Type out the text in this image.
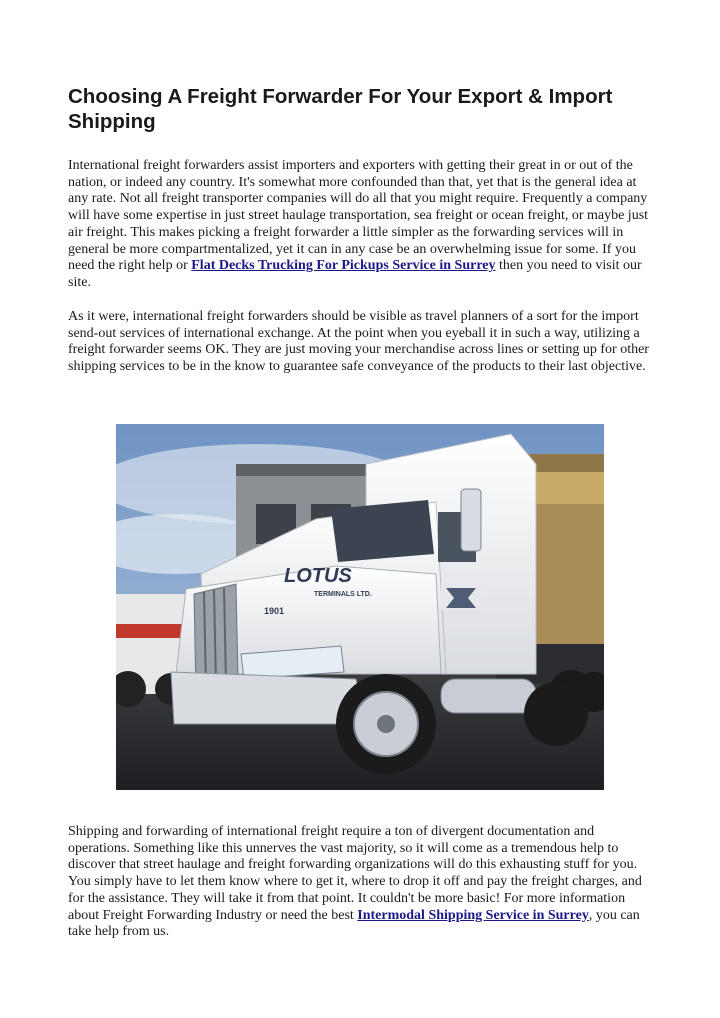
Choosing A Freight Forwarder For Your Export & Import Shipping

International freight forwarders assist importers and exporters with getting their great in or out of the nation, or indeed any country. It's somewhat more confounded than that, yet that is the general idea at any rate. Not all freight transporter companies will do all that you might require. Frequently a company will have some expertise in just street haulage transportation, sea freight or ocean freight, or maybe just air freight. This makes picking a freight forwarder a little simpler as the forwarding services will in general be more compartmentalized, yet it can in any case be an overwhelming issue for some. If you need the right help or Flat Decks Trucking For Pickups Service in Surrey then you need to visit our site.

As it were, international freight forwarders should be visible as travel planners of a sort for the import send-out services of international exchange. At the point when you eyeball it in such a way, utilizing a freight forwarder seems OK. They are just moving your merchandise across lines or setting up for other shipping services to be in the know to guarantee safe conveyance of the products to their last objective.

LOTUS
TERMINALS LTD.
1901

Shipping and forwarding of international freight require a ton of divergent documentation and operations. Something like this unnerves the vast majority, so it will come as a tremendous help to discover that street haulage and freight forwarding organizations will do this exhausting stuff for you. You simply have to let them know where to get it, where to drop it off and pay the freight charges, and for the assistance. They will take it from that point. It couldn't be more basic! For more information about Freight Forwarding Industry or need the best Intermodal Shipping Service in Surrey, you can take help from us.
